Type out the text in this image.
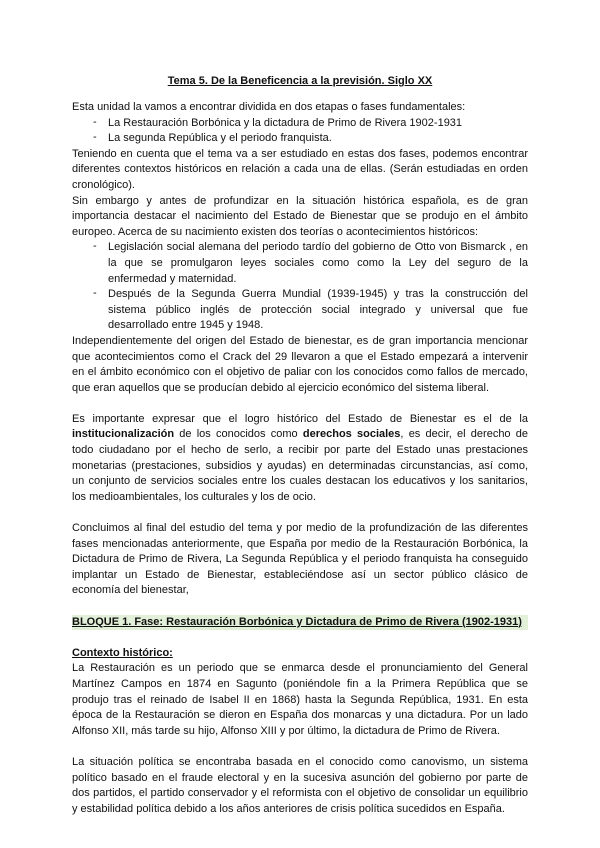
Tema 5. De la Beneficencia a la previsión. Siglo XX
Esta unidad la vamos a encontrar dividida en dos etapas o fases fundamentales:
La Restauración Borbónica y la dictadura de Primo de Rivera 1902-1931
-
La segunda República y el periodo franquista.
-
Teniendo en cuenta que el tema va a ser estudiado en estas dos fases, podemos encontrar
diferentes contextos históricos en relación a cada una de ellas. (Serán estudiadas en orden
cronológico).
Sin embargo y antes de profundizar en la situación histórica española, es de gran
importancia destacar el nacimiento del Estado de Bienestar que se produjo en el ámbito
europeo. Acerca de su nacimiento existen dos teorías o acontecimientos históricos:
Legislación social alemana del periodo tardío del gobierno de Otto von Bismarck , en
-
la que se promulgaron leyes sociales como como la Ley del seguro de la
enfermedad y maternidad.
Después de la Segunda Guerra Mundial (1939-1945) y tras la construcción del
-
sistema público inglés de protección social integrado y universal que fue
desarrollado entre 1945 y 1948.
Independientemente del origen del Estado de bienestar, es de gran importancia mencionar
que acontecimientos como el Crack del 29 llevaron a que el Estado empezará a intervenir
en el ámbito económico con el objetivo de paliar con los conocidos como fallos de mercado,
que eran aquellos que se producían debido al ejercicio económico del sistema liberal.
Es importante expresar que el logro histórico del Estado de Bienestar es el de la
institucionalización de los conocidos como derechos sociales, es decir, el derecho de
todo ciudadano por el hecho de serlo, a recibir por parte del Estado unas prestaciones
monetarias (prestaciones, subsidios y ayudas) en determinadas circunstancias, así como,
un conjunto de servicios sociales entre los cuales destacan los educativos y los sanitarios,
los medioambientales, los culturales y los de ocio.
Concluimos al final del estudio del tema y por medio de la profundización de las diferentes
fases mencionadas anteriormente, que España por medio de la Restauración Borbónica, la
Dictadura de Primo de Rivera, La Segunda República y el periodo franquista ha conseguido
implantar un Estado de Bienestar, estableciéndose así un sector público clásico de
economía del bienestar,
BLOQUE 1. Fase: Restauración Borbónica y Dictadura de Primo de Rivera (1902-1931)
Contexto histórico:
La Restauración es un periodo que se enmarca desde el pronunciamiento del General
Martínez Campos en 1874 en Sagunto (poniéndole fin a la Primera República que se
produjo tras el reinado de Isabel II en 1868) hasta la Segunda República, 1931. En esta
época de la Restauración se dieron en España dos monarcas y una dictadura. Por un lado
Alfonso XII, más tarde su hijo, Alfonso XIII y por último, la dictadura de Primo de Rivera.
La situación política se encontraba basada en el conocido como canovismo, un sistema
político basado en el fraude electoral y en la sucesiva asunción del gobierno por parte de
dos partidos, el partido conservador y el reformista con el objetivo de consolidar un equilibrio
y estabilidad política debido a los años anteriores de crisis política sucedidos en España.
